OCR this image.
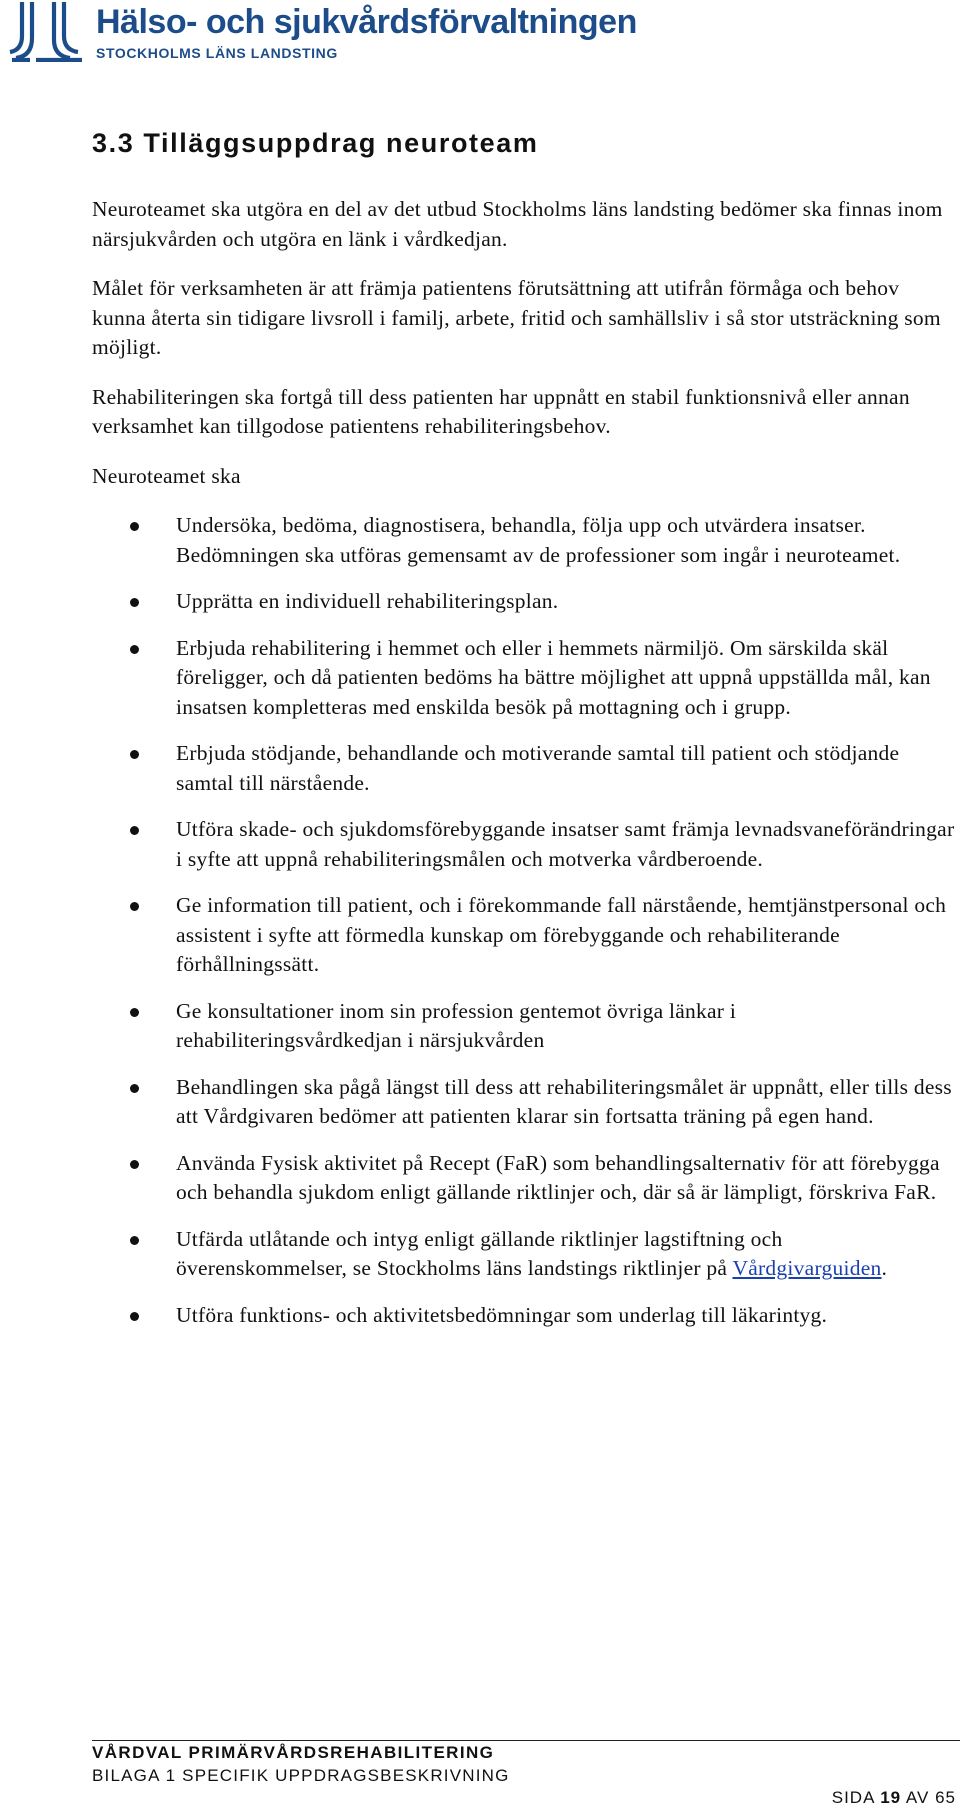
Hälso- och sjukvårdsförvaltningen
STOCKHOLMS LÄNS LANDSTING
3.3 Tilläggsuppdrag neuroteam

Neuroteamet ska utgöra en del av det utbud Stockholms läns landsting bedömer ska finnas inom närsjukvården och utgöra en länk i vårdkedjan.

Målet för verksamheten är att främja patientens förutsättning att utifrån förmåga och behov kunna återta sin tidigare livsroll i familj, arbete, fritid och samhällsliv i så stor utsträckning som möjligt.

Rehabiliteringen ska fortgå till dess patienten har uppnått en stabil funktionsnivå eller annan verksamhet kan tillgodose patientens rehabiliteringsbehov.

Neuroteamet ska

Undersöka, bedöma, diagnostisera, behandla, följa upp och utvärdera insatser. Bedömningen ska utföras gemensamt av de professioner som ingår i neuroteamet.
Upprätta en individuell rehabiliteringsplan.
Erbjuda rehabilitering i hemmet och eller i hemmets närmiljö. Om särskilda skäl föreligger, och då patienten bedöms ha bättre möjlighet att uppnå uppställda mål, kan insatsen kompletteras med enskilda besök på mottagning och i grupp.
Erbjuda stödjande, behandlande och motiverande samtal till patient och stödjande samtal till närstående.
Utföra skade- och sjukdomsförebyggande insatser samt främja levnadsvaneförändringar i syfte att uppnå rehabiliteringsmålen och motverka vårdberoende.
Ge information till patient, och i förekommande fall närstående, hemtjänstpersonal och assistent i syfte att förmedla kunskap om förebyggande och rehabiliterande förhållningssätt.
Ge konsultationer inom sin profession gentemot övriga länkar i rehabiliteringsvårdkedjan i närsjukvården
Behandlingen ska pågå längst till dess att rehabiliteringsmålet är uppnått, eller tills dess att Vårdgivaren bedömer att patienten klarar sin fortsatta träning på egen hand.
Använda Fysisk aktivitet på Recept (FaR) som behandlingsalternativ för att förebygga och behandla sjukdom enligt gällande riktlinjer och, där så är lämpligt, förskriva FaR.
Utfärda utlåtande och intyg enligt gällande riktlinjer lagstiftning och överenskommelser, se Stockholms läns landstings riktlinjer på Vårdgivarguiden.
Utföra funktions- och aktivitetsbedömningar som underlag till läkarintyg.
VÅRDVAL PRIMÄRVÅRDSREHABILITERING
BILAGA 1 SPECIFIK UPPDRAGSBESKRIVNING
SIDA 19 AV 65
